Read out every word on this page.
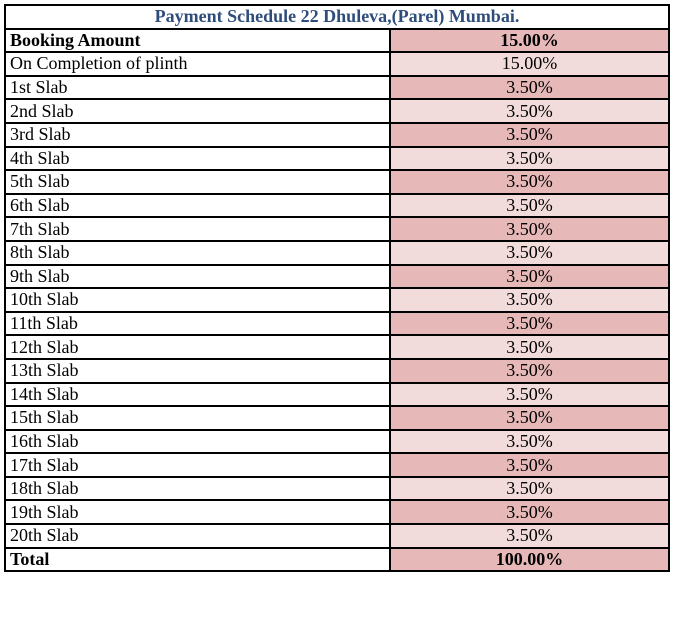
Payment Schedule 22 Dhuleva,(Parel) Mumbai.	
Booking Amount	15.00%
On Completion of plinth	15.00%
1st Slab	3.50%
2nd Slab	3.50%
3rd Slab	3.50%
4th Slab	3.50%
5th Slab	3.50%
6th Slab	3.50%
7th Slab	3.50%
8th Slab	3.50%
9th Slab	3.50%
10th Slab	3.50%
11th Slab	3.50%
12th Slab	3.50%
13th Slab	3.50%
14th Slab	3.50%
15th Slab	3.50%
16th Slab	3.50%
17th Slab	3.50%
18th Slab	3.50%
19th Slab	3.50%
20th Slab	3.50%
Total	100.00%
